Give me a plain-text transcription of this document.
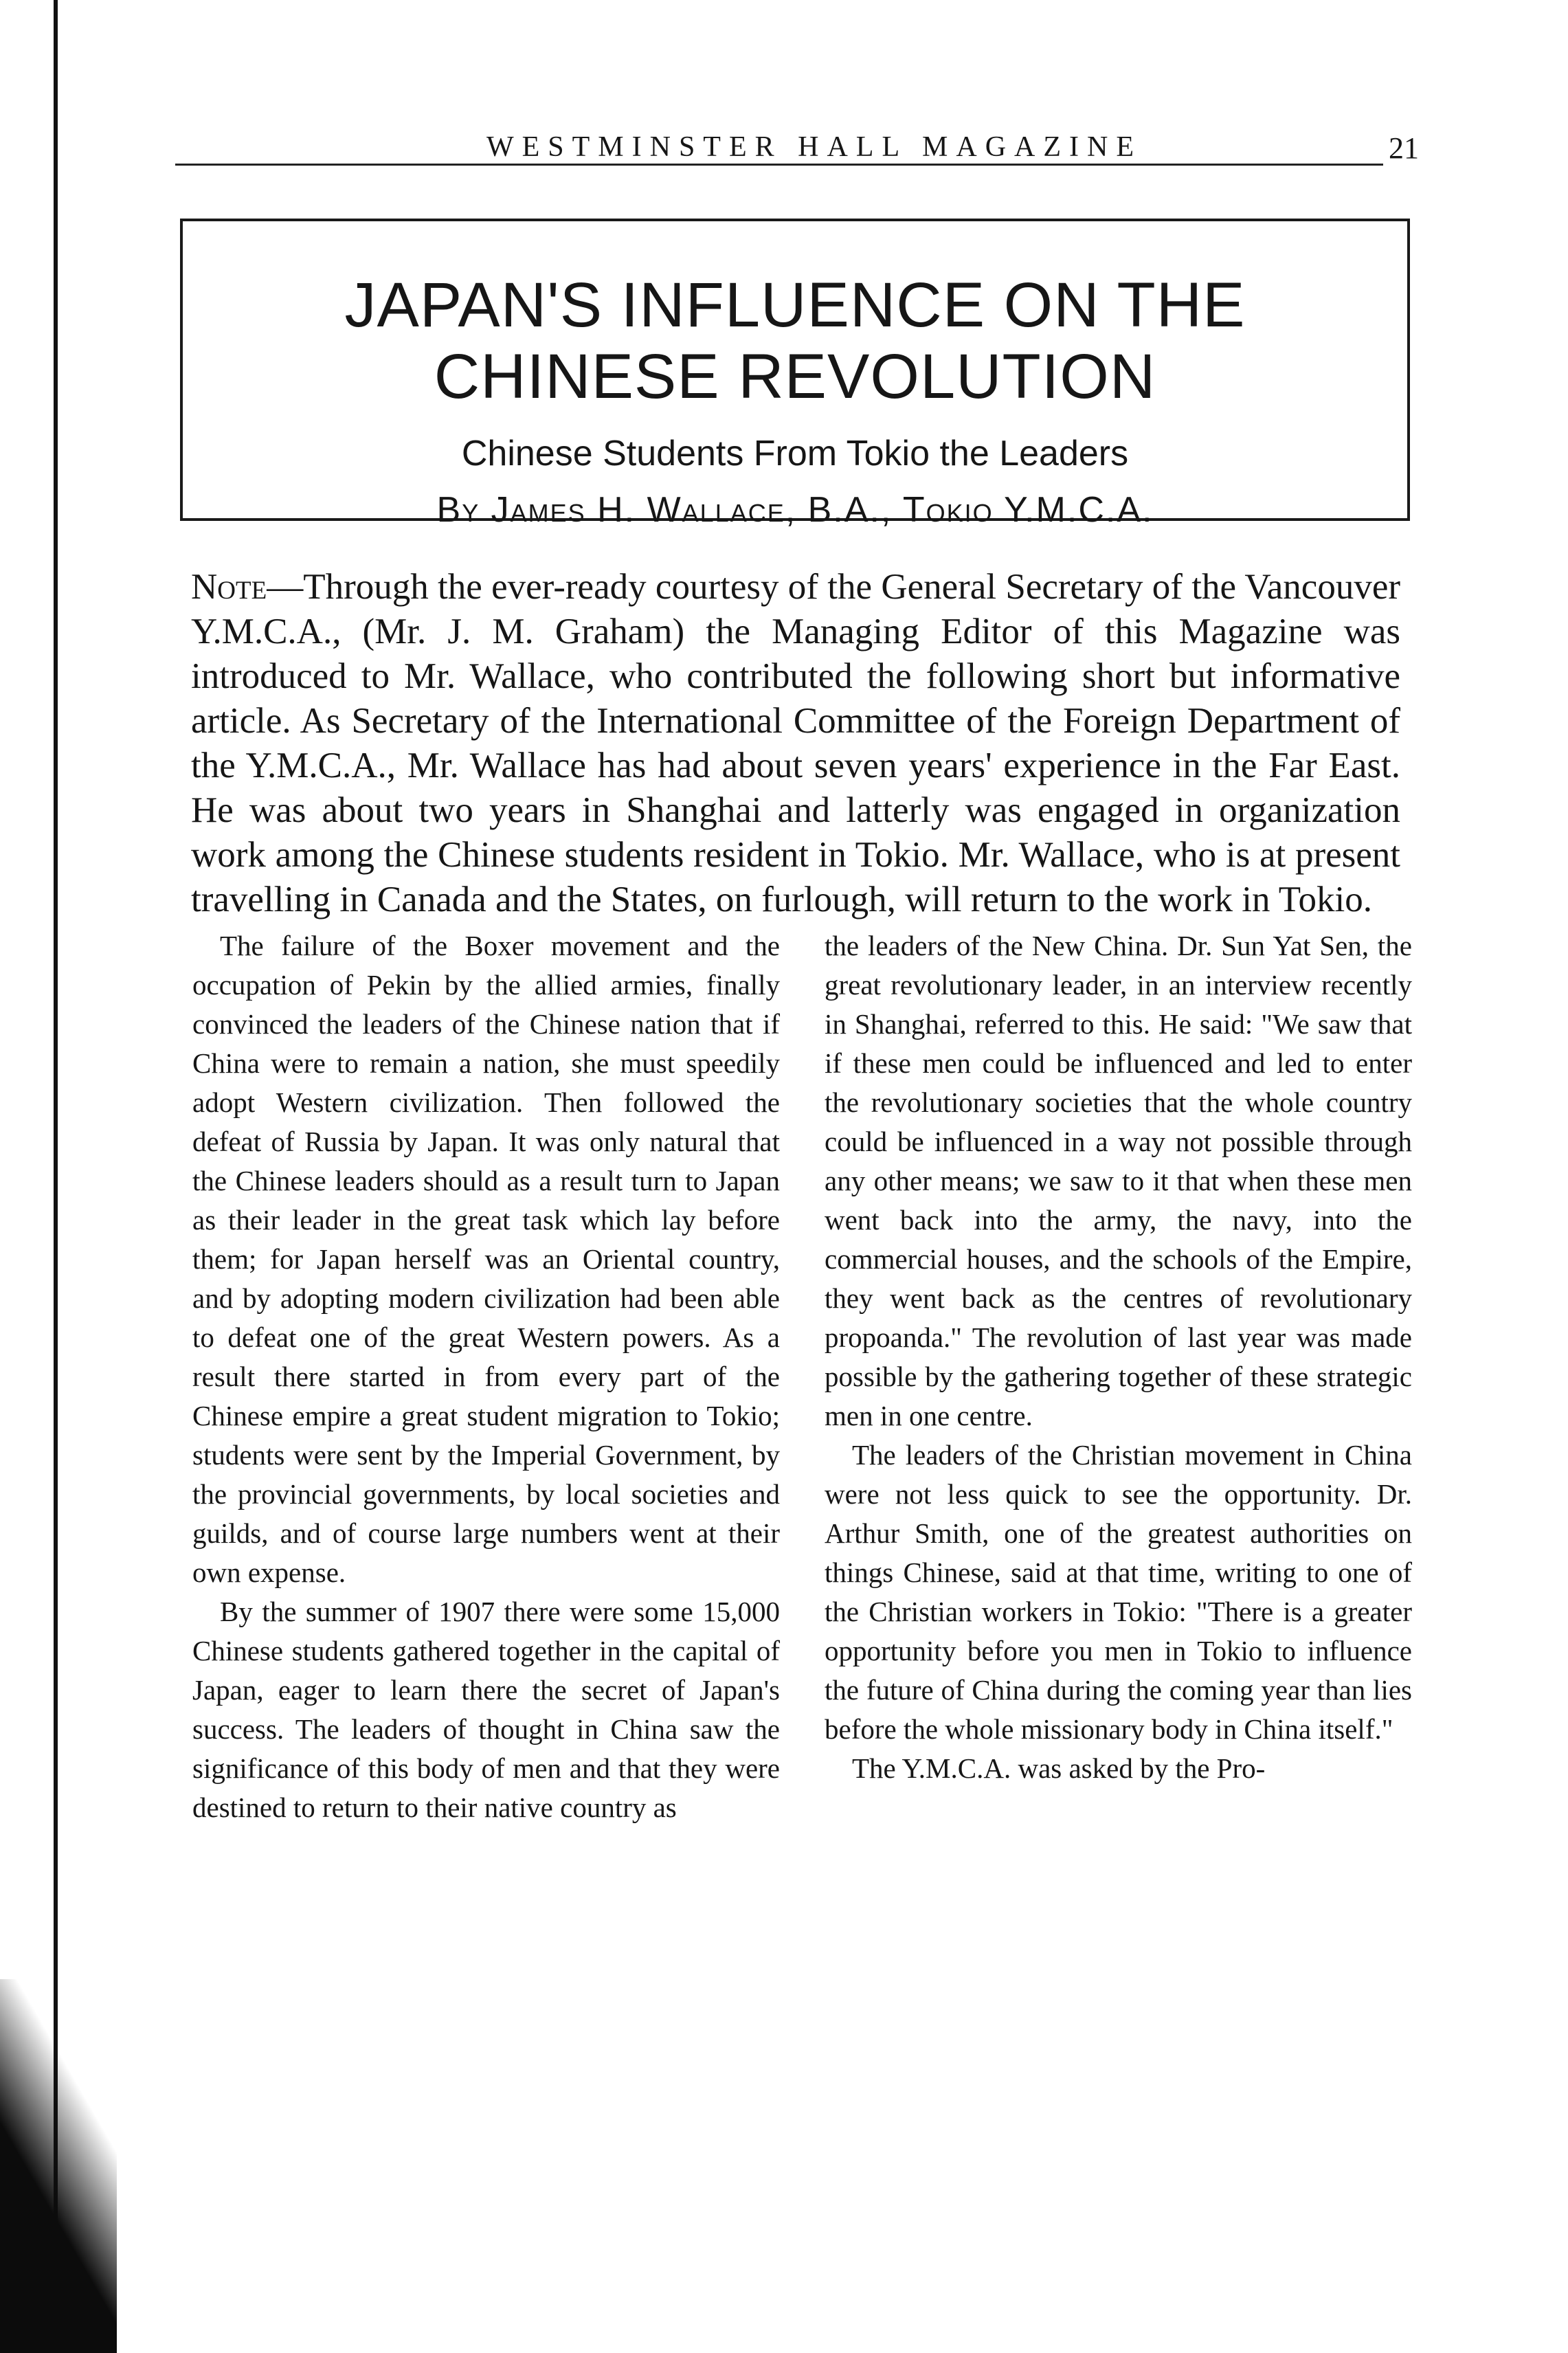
WESTMINSTER HALL MAGAZINE	21
JAPAN'S INFLUENCE ON THE CHINESE REVOLUTION
Chinese Students From Tokio the Leaders
By James H. Wallace, B.A., Tokio Y.M.C.A.
Note—Through the ever-ready courtesy of the General Secretary of the Vancouver Y.M.C.A., (Mr. J. M. Graham) the Managing Editor of this Magazine was introduced to Mr. Wallace, who contributed the following short but informative article. As Secretary of the International Committee of the Foreign Department of the Y.M.C.A., Mr. Wallace has had about seven years' experience in the Far East. He was about two years in Shanghai and latterly was engaged in organization work among the Chinese students resident in Tokio. Mr. Wallace, who is at present travelling in Canada and the States, on furlough, will return to the work in Tokio.

The failure of the Boxer movement and the occupation of Pekin by the allied armies, finally convinced the leaders of the Chinese nation that if China were to remain a nation, she must speedily adopt Western civilization. Then followed the defeat of Russia by Japan. It was only natural that the Chinese leaders should as a result turn to Japan as their leader in the great task which lay before them; for Japan herself was an Oriental country, and by adopting modern civilization had been able to defeat one of the great Western powers. As a result there started in from every part of the Chinese empire a great student migration to Tokio; students were sent by the Imperial Government, by the provincial governments, by local societies and guilds, and of course large numbers went at their own expense.

By the summer of 1907 there were some 15,000 Chinese students gathered together in the capital of Japan, eager to learn there the secret of Japan's success. The leaders of thought in China saw the significance of this body of men and that they were destined to return to their native country as

the leaders of the New China. Dr. Sun Yat Sen, the great revolutionary leader, in an interview recently in Shanghai, referred to this. He said: "We saw that if these men could be influenced and led to enter the revolutionary societies that the whole country could be influenced in a way not possible through any other means; we saw to it that when these men went back into the army, the navy, into the commercial houses, and the schools of the Empire, they went back as the centres of revolutionary propoanda." The revolution of last year was made possible by the gathering together of these strategic men in one centre.

The leaders of the Christian movement in China were not less quick to see the opportunity. Dr. Arthur Smith, one of the greatest authorities on things Chinese, said at that time, writing to one of the Christian workers in Tokio: "There is a greater opportunity before you men in Tokio to influence the future of China during the coming year than lies before the whole missionary body in China itself."

The Y.M.C.A. was asked by the Pro-
